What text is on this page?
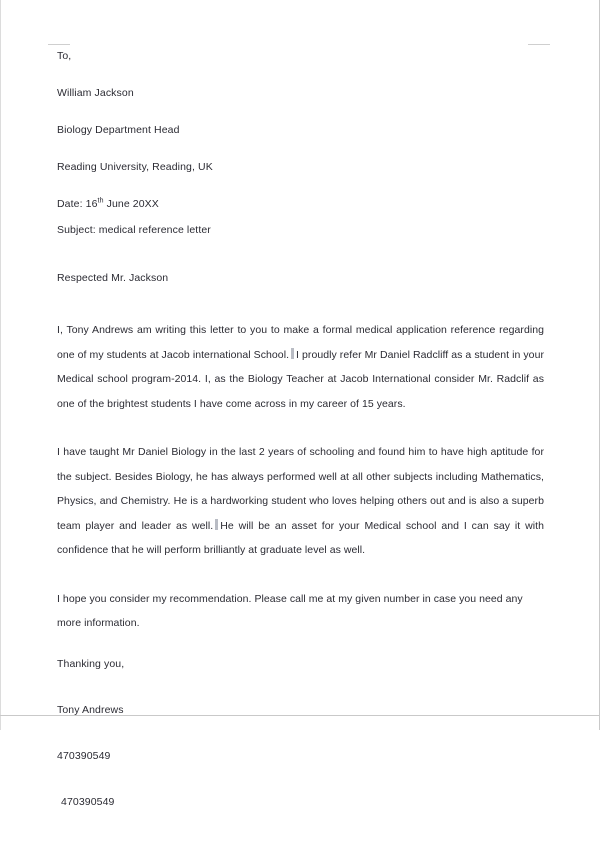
To,
William Jackson
Biology Department Head
Reading University, Reading, UK
Date: 16th June 20XX
Subject: medical reference letter
Respected Mr. Jackson

I, Tony Andrews am writing this letter to you to make a formal medical application reference regarding one of my students at Jacob international School. I proudly refer Mr Daniel Radcliff as a student in your Medical school program-2014. I, as the Biology Teacher at Jacob International consider Mr. Radclif as one of the brightest students I have come across in my career of 15 years.

I have taught Mr Daniel Biology in the last 2 years of schooling and found him to have high aptitude for the subject. Besides Biology, he has always performed well at all other subjects including Mathematics, Physics, and Chemistry. He is a hardworking student who loves helping others out and is also a superb team player and leader as well. He will be an asset for your Medical school and I can say it with confidence that he will perform brilliantly at graduate level as well.

I hope you consider my recommendation. Please call me at my given number in case you need any more information.

Thanking you,
Tony Andrews
470390549
470390549
